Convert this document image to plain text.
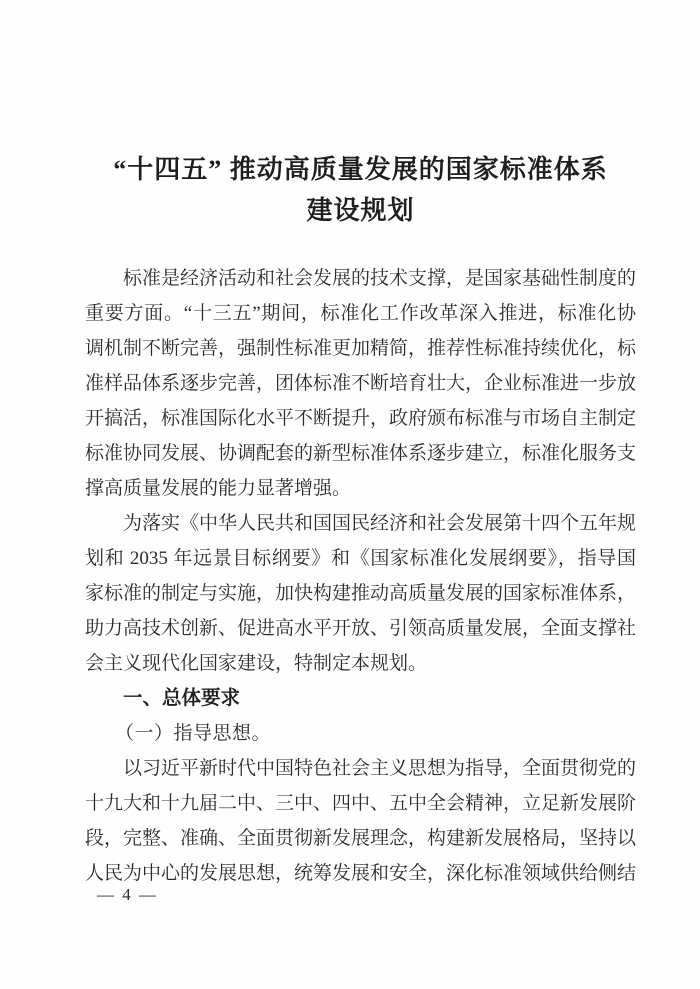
“十四五” 推动高质量发展的国家标准体系
建设规划
标准是经济活动和社会发展的技术支撑，是国家基础性制度的
重要方面。“十三五”期间，标准化工作改革深入推进，标准化协
调机制不断完善，强制性标准更加精简，推荐性标准持续优化，标
准样品体系逐步完善，团体标准不断培育壮大，企业标准进一步放
开搞活，标准国际化水平不断提升，政府颁布标准与市场自主制定
标准协同发展、协调配套的新型标准体系逐步建立，标准化服务支
撑高质量发展的能力显著增强。
为落实《中华人民共和国国民经济和社会发展第十四个五年规
划和 2035 年远景目标纲要》和《国家标准化发展纲要》，指导国
家标准的制定与实施，加快构建推动高质量发展的国家标准体系，
助力高技术创新、促进高水平开放、引领高质量发展，全面支撑社
会主义现代化国家建设，特制定本规划。
一、总体要求
（一）指导思想。
以习近平新时代中国特色社会主义思想为指导，全面贯彻党的
十九大和十九届二中、三中、四中、五中全会精神，立足新发展阶
段，完整、准确、全面贯彻新发展理念，构建新发展格局，坚持以
人民为中心的发展思想，统筹发展和安全，深化标准领域供给侧结
— 4 —
